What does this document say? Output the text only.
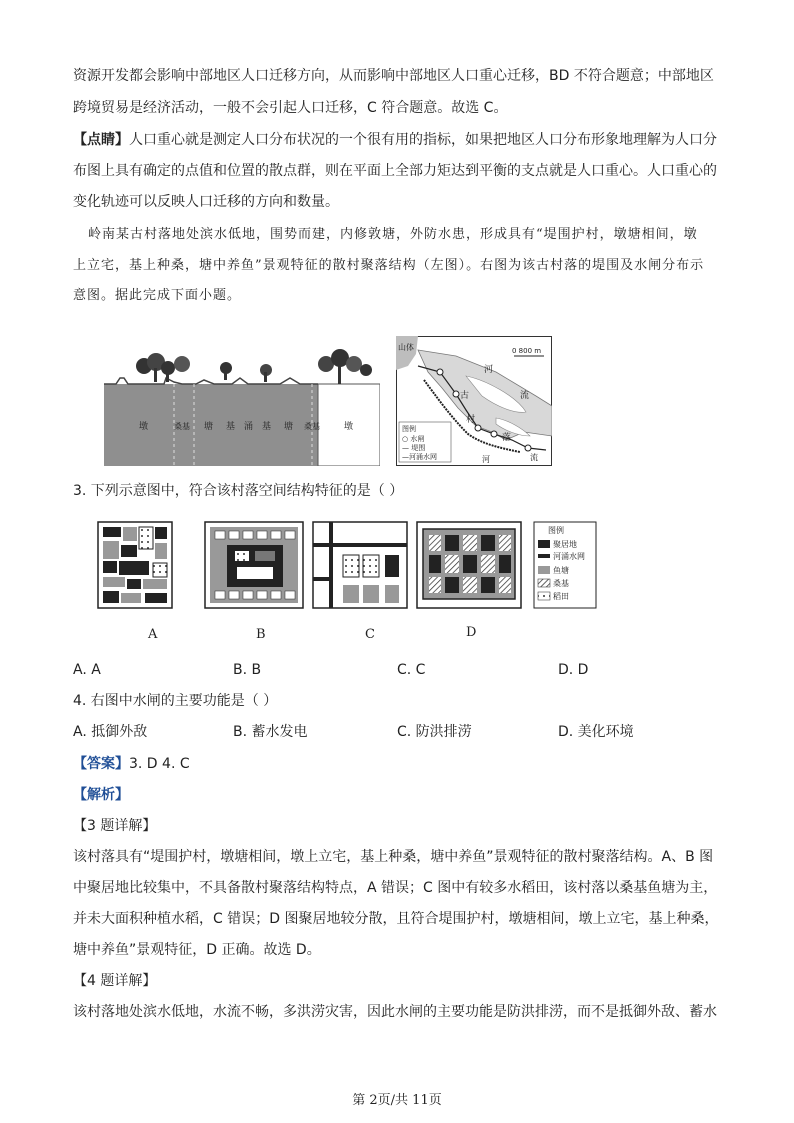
资源开发都会影响中部地区人口迁移方向，从而影响中部地区人口重心迁移，BD 不符合题意；中部地区
跨境贸易是经济活动，一般不会引起人口迁移，C 符合题意。故选 C。
【点睛】人口重心就是测定人口分布状况的一个很有用的指标，如果把地区人口分布形象地理解为人口分
布图上具有确定的点值和位置的散点群，则在平面上全部力矩达到平衡的支点就是人口重心。人口重心的
变化轨迹可以反映人口迁移的方向和数量。
岭南某古村落地处滨水低地，围势而建，内修敦塘，外防水患，形成具有“堤围护村，墩塘相间，墩
上立宅，基上种桑，塘中养鱼”景观特征的散村聚落结构（左图）。右图为该古村落的堤围及水闸分布示
意图。据此完成下面小题。
墩	桑基 塘 基 涌 基 塘 桑基	墩
山体	0 800 m
河
流
古
村
落
河	流
图例
○ 水闸
— 堤围
—河涌水网
3. 下列示意图中，符合该村落空间结构特征的是（ ）
图例
聚居地
河涌水网
鱼塘
桑基
稻田
A	B	C	D
A. A	B. B	C. C	D. D
4. 右图中水闸的主要功能是（ ）
A. 抵御外敌	B. 蓄水发电	C. 防洪排涝	D. 美化环境
【答案】3. D 4. C
【解析】
【3 题详解】
该村落具有“堤围护村，墩塘相间，墩上立宅，基上种桑，塘中养鱼”景观特征的散村聚落结构。A、B 图
中聚居地比较集中，不具备散村聚落结构特点，A 错误；C 图中有较多水稻田，该村落以桑基鱼塘为主，
并未大面积种植水稻，C 错误；D 图聚居地较分散，且符合堤围护村，墩塘相间，墩上立宅，基上种桑，
塘中养鱼”景观特征，D 正确。故选 D。
【4 题详解】
该村落地处滨水低地，水流不畅，多洪涝灾害，因此水闸的主要功能是防洪排涝，而不是抵御外敌、蓄水
第 2页/共 11页
